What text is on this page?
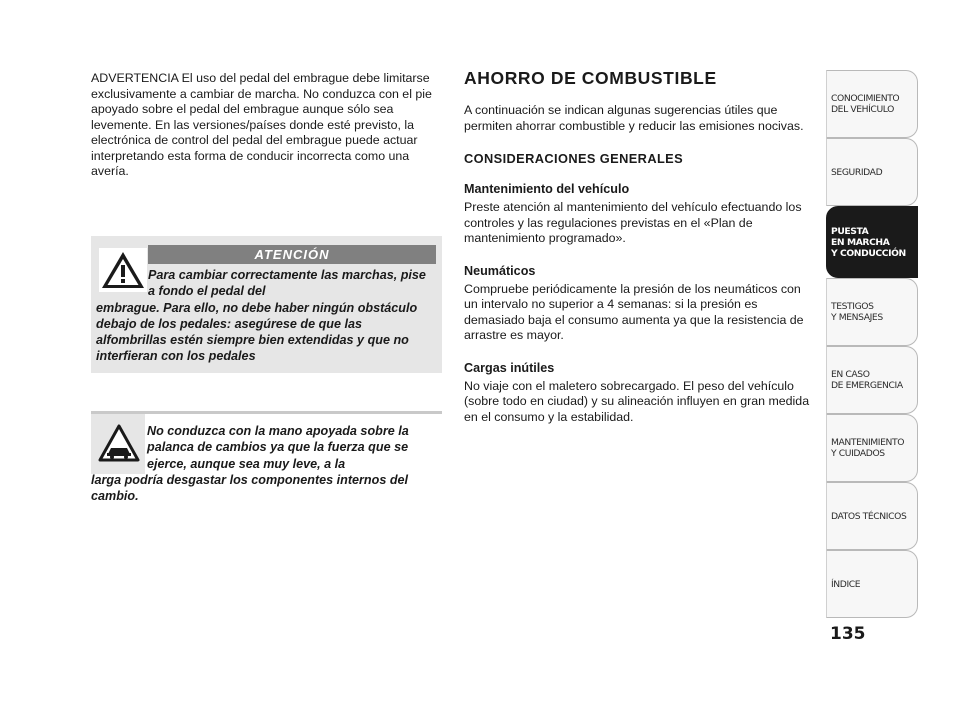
ADVERTENCIA El uso del pedal del embrague debe limitarse exclusivamente a cambiar de marcha. No conduzca con el pie apoyado sobre el pedal del embrague aunque sólo sea levemente. En las versiones/países donde esté previsto, la electrónica de control del pedal del embrague puede actuar interpretando esta forma de conducir incorrecta como una avería.

ATENCIÓN
Para cambiar correctamente las marchas, pise a fondo el pedal del
embrague. Para ello, no debe haber ningún obstáculo debajo de los pedales: asegúrese de que las alfombrillas estén siempre bien extendidas y que no interfieran con los pedales
No conduzca con la mano apoyada sobre la palanca de cambios ya que la fuerza que se ejerce, aunque sea muy leve, a la
larga podría desgastar los componentes internos del cambio.
AHORRO DE COMBUSTIBLE

A continuación se indican algunas sugerencias útiles que permiten ahorrar combustible y reducir las emisiones nocivas.

CONSIDERACIONES GENERALES
Mantenimiento del vehículo

Preste atención al mantenimiento del vehículo efectuando los controles y las regulaciones previstas en el «Plan de mantenimiento programado».

Neumáticos

Compruebe periódicamente la presión de los neumáticos con un intervalo no superior a 4 semanas: si la presión es demasiado baja el consumo aumenta ya que la resistencia de arrastre es mayor.

Cargas inútiles

No viaje con el maletero sobrecargado. El peso del vehículo (sobre todo en ciudad) y su alineación influyen en gran medida en el consumo y la estabilidad.

CONOCIMIENTO
DEL VEHÍCULO
SEGURIDAD
PUESTA
EN MARCHA
Y CONDUCCIÓN
TESTIGOS
Y MENSAJES
EN CASO
DE EMERGENCIA
MANTENIMIENTO
Y CUIDADOS
DATOS TÉCNICOS
ÍNDICE
135
